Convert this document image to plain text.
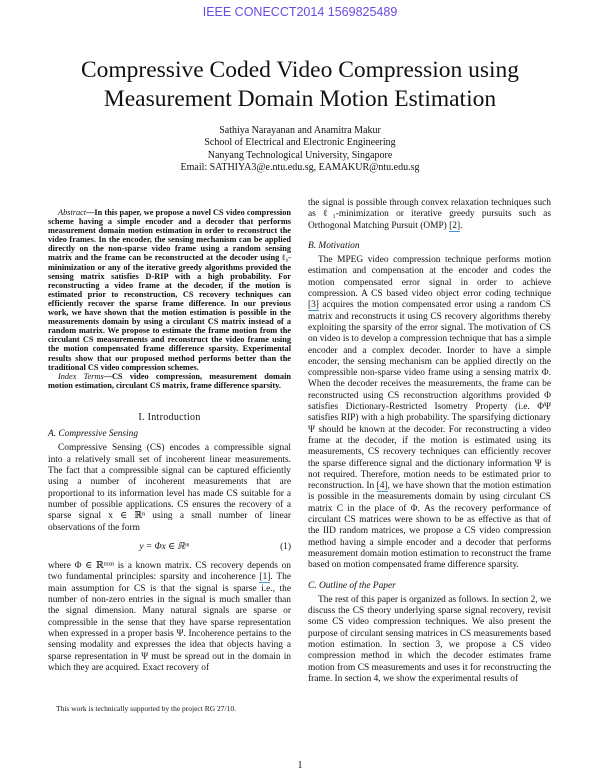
IEEE CONECCT2014 1569825489
Compressive Coded Video Compression using
Measurement Domain Motion Estimation
Sathiya Narayanan and Anamitra Makur
School of Electrical and Electronic Engineering
Nanyang Technological University, Singapore
Email: SATHIYA3@e.ntu.edu.sg, EAMAKUR@ntu.edu.sg

Abstract—In this paper, we propose a novel CS video compression scheme having a simple encoder and a decoder that performs measurement domain motion estimation in order to reconstruct the video frames. In the encoder, the sensing mechanism can be applied directly on the non-sparse video frame using a random sensing matrix and the frame can be reconstructed at the decoder using ℓ₁-minimization or any of the iterative greedy algorithms provided the sensing matrix satisfies D-RIP with a high probability. For reconstructing a video frame at the decoder, if the motion is estimated prior to reconstruction, CS recovery techniques can efficiently recover the sparse frame difference. In our previous work, we have shown that the motion estimation is possible in the measurements domain by using a circulant CS matrix instead of a random matrix. We propose to estimate the frame motion from the circulant CS measurements and reconstruct the video frame using the motion compensated frame difference sparsity. Experimental results show that our proposed method performs better than the traditional CS video compression schemes.

Index Terms—CS video compression, measurement domain motion estimation, circulant CS matrix, frame difference sparsity.

I. Introduction
A. Compressive Sensing

Compressive Sensing (CS) encodes a compressible signal into a relatively small set of incoherent linear measurements. The fact that a compressible signal can be captured efficiently using a number of incoherent measurements that are proportional to its information level has made CS suitable for a number of possible applications. CS ensures the recovery of a sparse signal x ∈ ℝⁿ using a small number of linear observations of the form

y = Φx ∈ ℝᵐ	(1)

where Φ ∈ ℝᵐˣⁿ is a known matrix. CS recovery depends on two fundamental principles: sparsity and incoherence [1]. The main assumption for CS is that the signal is sparse i.e., the number of non-zero entries in the signal is much smaller than the signal dimension. Many natural signals are sparse or compressible in the sense that they have sparse representation when expressed in a proper basis Ψ. Incoherence pertains to the sensing modality and expresses the idea that objects having a sparse representation in Ψ must be spread out in the domain in which they are acquired. Exact recovery of

the signal is possible through convex relaxation techniques such as ℓ₁-minimization or iterative greedy pursuits such as Orthogonal Matching Pursuit (OMP) [2].

B. Motivation

The MPEG video compression technique performs motion estimation and compensation at the encoder and codes the motion compensated error signal in order to achieve compression. A CS based video object error coding technique [3] acquires the motion compensated error using a random CS matrix and reconstructs it using CS recovery algorithms thereby exploiting the sparsity of the error signal. The motivation of CS on video is to develop a compression technique that has a simple encoder and a complex decoder. Inorder to have a simple encoder, the sensing mechanism can be applied directly on the compressible non-sparse video frame using a sensing matrix Φ. When the decoder receives the measurements, the frame can be reconstructed using CS reconstruction algorithms provided Φ satisfies Dictionary-Restricted Isometry Property (i.e. ΦΨ satisfies RIP) with a high probability. The sparsifying dictionary Ψ should be known at the decoder. For reconstructing a video frame at the decoder, if the motion is estimated using its measurements, CS recovery techniques can efficiently recover the sparse difference signal and the dictionary information Ψ is not required. Therefore, motion needs to be estimated prior to reconstruction. In [4], we have shown that the motion estimation is possible in the measurements domain by using circulant CS matrix C in the place of Φ. As the recovery performance of circulant CS matrices were shown to be as effective as that of the IID random matrices, we propose a CS video compression method having a simple encoder and a decoder that performs measurement domain motion estimation to reconstruct the frame based on motion compensated frame difference sparsity.

C. Outline of the Paper

The rest of this paper is organized as follows. In section 2, we discuss the CS theory underlying sparse signal recovery, revisit some CS video compression techniques. We also present the purpose of circulant sensing matrices in CS measurements based motion estimation. In section 3, we propose a CS video compression method in which the decoder estimates frame motion from CS measurements and uses it for reconstructing the frame. In section 4, we show the experimental results of

This work is technically supported by the project RG 27/10.
1
